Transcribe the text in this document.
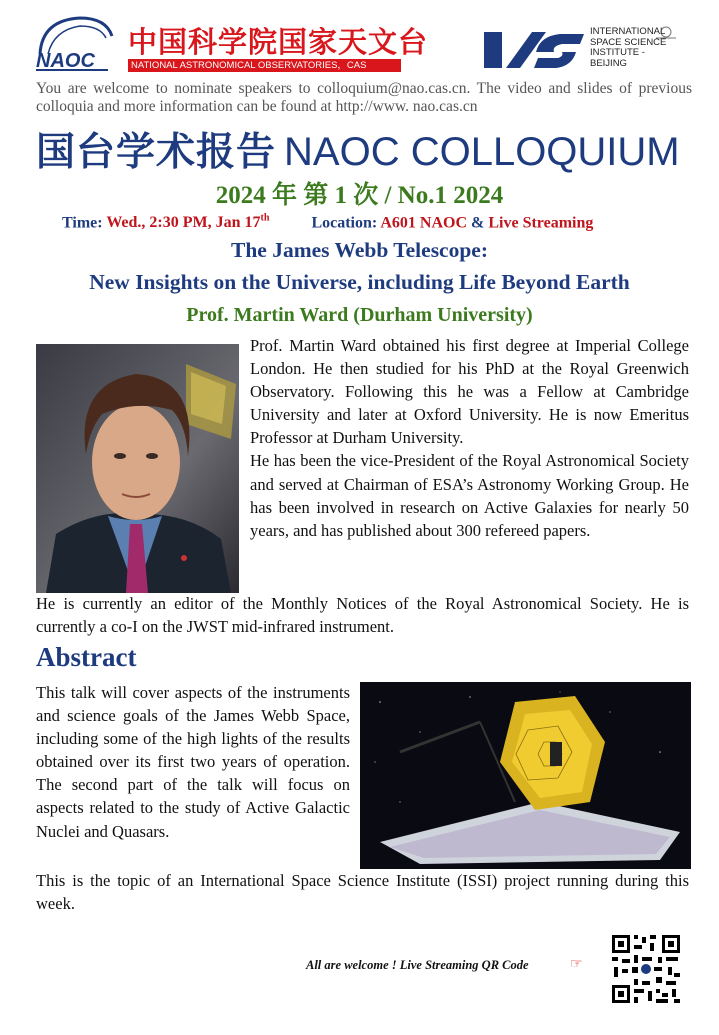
NAOC
中国科学院国家天文台
NATIONAL ASTRONOMICAL OBSERVATORIES，CAS
INTERNATIONAL
SPACE SCIENCE
INSTITUTE -
BEIJING
You are welcome to nominate speakers to colloquium@nao.cas.cn. The video and slides of previous colloquia and more information can be found at http://www. nao.cas.cn
国台学术报告 NAOC COLLOQUIUM
2024 年 第 1 次 / No.1 2024
Time: Wed., 2:30 PM, Jan 17th	Location: A601 NAOC & Live Streaming
The James Webb Telescope:
New Insights on the Universe, including Life Beyond Earth
Prof. Martin Ward (Durham University)
Prof. Martin Ward obtained his first degree at Imperial College London. He then studied for his PhD at the Royal Greenwich Observatory. Following this he was a Fellow at Cambridge University and later at Oxford University. He is now Emeritus Professor at Durham University.
He has been the vice-President of the Royal Astronomical Society and served at Chairman of ESA’s Astronomy Working Group. He has been involved in research on Active Galaxies for nearly 50 years, and has published about 300 refereed papers.
He is currently an editor of the Monthly Notices of the Royal Astronomical Society. He is currently a co-I on the JWST mid-infrared instrument.
Abstract
This talk will cover aspects of the instruments and science goals of the James Webb Space, including some of the high lights of the results obtained over its first two years of operation. The second part of the talk will focus on aspects related to the study of Active Galactic Nuclei and Quasars.
This is the topic of an International Space Science Institute (ISSI) project running during this week.
All are welcome ! Live Streaming QR Code	☞
